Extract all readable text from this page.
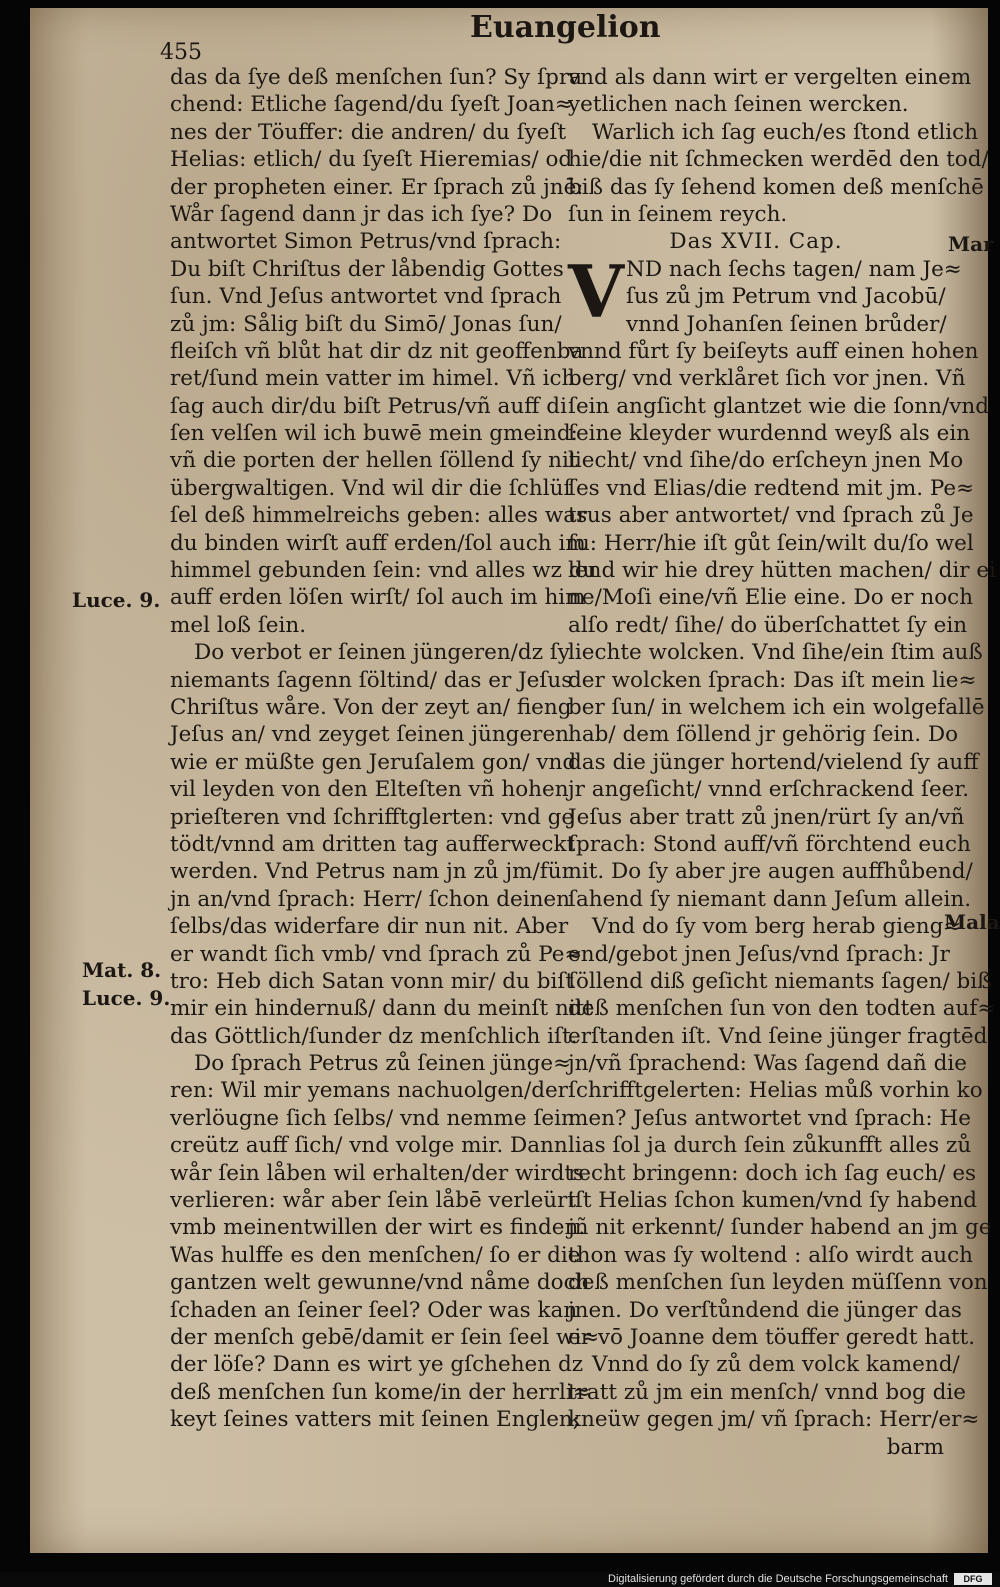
455
Euangelion
Luce. 9.
Mat. 8.
Luce. 9.
Mar
Mala
das da ſye deß menſchen ſun? Sy ſpra
chend: Etliche ſagend/du ſyeſt Joan≈
nes der Töuffer: die andren/ du ſyeſt
Helias: etlich/ du ſyeſt Hieremias/ od
der propheten einer. Er ſprach zů jnē:
Wår ſagend dann jr das ich ſye? Do
antwortet Simon Petrus/vnd ſprach:
Du biſt Chriſtus der låbendig Gottes
ſun. Vnd Jeſus antwortet vnd ſprach
zů jm: Sålig biſt du Simō/ Jonas ſun/
fleiſch vñ blůt hat dir dz nit geoffenba
ret/ſund mein vatter im himel. Vñ ich
ſag auch dir/du biſt Petrus/vñ auff di
ſen velſen wil ich buwē mein gmeind:
vñ die porten der hellen ſöllend ſy nit
übergwaltigen. Vnd wil dir die ſchlüſ
ſel deß himmelreichs geben: alles was
du binden wirſt auff erden/ſol auch im
himmel gebunden ſein: vnd alles wz du
auff erden löſen wirſt/ ſol auch im him
mel loß ſein.
Do verbot er ſeinen jüngeren/dz ſy
niemants ſagenn ſöltind/ das er Jeſus
Chriſtus wåre. Von der zeyt an/ fieng
Jeſus an/ vnd zeyget ſeinen jüngeren
wie er müßte gen Jeruſalem gon/ vnd
vil leyden von den Elteſten vñ hohen
prieſteren vnd ſchrifftglerten: vnd ge
tödt/vnnd am dritten tag aufferweckt
werden. Vnd Petrus nam jn zů jm/für
jn an/vnd ſprach: Herr/ ſchon deinen
ſelbs/das widerfare dir nun nit. Aber
er wandt ſich vmb/ vnd ſprach zů Pe≈
tro: Heb dich Satan vonn mir/ du biſt
mir ein hindernuß/ dann du meinſt nitt
das Göttlich/ſunder dz menſchlich iſt.
Do ſprach Petrus zů ſeinen jünge≈
ren: Wil mir yemans nachuolgen/der
verlöugne ſich ſelbs/ vnd nemme ſein
creütz auff ſich/ vnd volge mir. Dann
wår ſein låben wil erhalten/der wirdts
verlieren: wår aber ſein låbē verleürt
vmb meinentwillen der wirt es finden.
Was hulffe es den menſchen/ ſo er die
gantzen welt gewunne/vnd nåme doch
ſchaden an ſeiner ſeel? Oder was kan
der menſch gebē/damit er ſein ſeel wi≈
der löſe? Dann es wirt ye gſchehen dz
deß menſchen ſun kome/in der herrli≈
keyt ſeines vatters mit ſeinen Englen;
vnd als dann wirt er vergelten einem
yetlichen nach ſeinen wercken.
Warlich ich ſag euch/es ſtond etlich
hie/die nit ſchmecken werdēd den tod/
biß das ſy ſehend komen deß menſchē
ſun in ſeinem reych.
Das XVII. Cap.
V ND nach ſechs tagen/ nam Je≈
ſus zů jm Petrum vnd Jacobū/
vnnd Johanſen ſeinen brůder/
vnnd fůrt ſy beiſeyts auff einen hohen
berg/ vnd verklåret ſich vor jnen. Vñ
ſein angſicht glantzet wie die ſonn/vnd
ſeine kleyder wurdennd weyß als ein
liecht/ vnd ſihe/do erſcheyn jnen Mo
ſes vnd Elias/die redtend mit jm. Pe≈
trus aber antwortet/ vnd ſprach zů Je
ſu: Herr/hie iſt gůt ſein/wilt du/ſo wel
lend wir hie drey hütten machen/ dir ei
ne/Moſi eine/vñ Elie eine. Do er noch
alſo redt/ ſihe/ do überſchattet ſy ein
liechte wolcken. Vnd ſihe/ein ſtim auß
der wolcken ſprach: Das iſt mein lie≈
ber ſun/ in welchem ich ein wolgefallē
hab/ dem ſöllend jr gehörig ſein. Do
das die jünger hortend/vielend ſy auff
jr angeſicht/ vnnd erſchrackend ſeer.
Jeſus aber tratt zů jnen/rürt ſy an/vñ
ſprach: Stond auff/vñ förchtend euch
nit. Do ſy aber jre augen auffhůbend/
ſahend ſy niemant dann Jeſum allein.
Vnd do ſy vom berg herab gieng≈
end/gebot jnen Jeſus/vnd ſprach: Jr
ſöllend diß geſicht niemants ſagen/ biß
deß menſchen ſun von den todten auf≈
erſtanden iſt. Vnd ſeine jünger fragtēd
jn/vñ ſprachend: Was ſagend dañ die
ſchrifftgelerten: Helias můß vorhin ko
men? Jeſus antwortet vnd ſprach: He
lias ſol ja durch ſein zůkunfft alles zů
recht bringenn: doch ich ſag euch/ es
iſt Helias ſchon kumen/vnd ſy habend
jñ nit erkennt/ ſunder habend an jm ge
thon was ſy woltend : alſo wirdt auch
deß menſchen ſun leyden müſſenn von
jnen. Do verſtůndend die jünger das
er vō Joanne dem töuffer geredt hatt.
Vnnd do ſy zů dem volck kamend/
tratt zů jm ein menſch/ vnnd bog die
kneüw gegen jm/ vñ ſprach: Herr/er≈
barm
Digitalisierung gefördert durch die Deutsche Forschungsgemeinschaft	DFG
